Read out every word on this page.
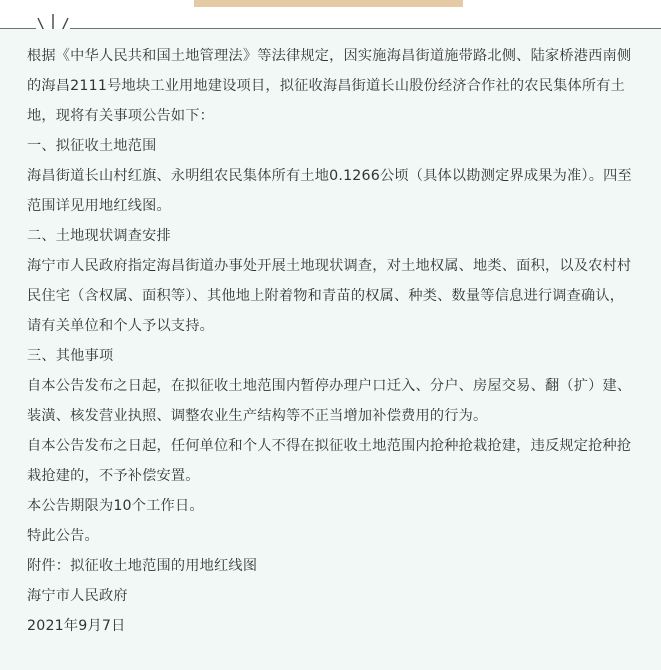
根据《中华人民共和国土地管理法》等法律规定，因实施海昌街道施带路北侧、陆家桥港西南侧的海昌2111号地块工业用地建设项目，拟征收海昌街道长山股份经济合作社的农民集体所有土地，现将有关事项公告如下：

一、拟征收土地范围

海昌街道长山村红旗、永明组农民集体所有土地0.1266公顷（具体以勘测定界成果为准）。四至范围详见用地红线图。

二、土地现状调查安排

海宁市人民政府指定海昌街道办事处开展土地现状调查，对土地权属、地类、面积，以及农村村民住宅（含权属、面积等）、其他地上附着物和青苗的权属、种类、数量等信息进行调查确认，请有关单位和个人予以支持。

三、其他事项

自本公告发布之日起，在拟征收土地范围内暂停办理户口迁入、分户、房屋交易、翻（扩）建、装潢、核发营业执照、调整农业生产结构等不正当增加补偿费用的行为。

自本公告发布之日起，任何单位和个人不得在拟征收土地范围内抢种抢栽抢建，违反规定抢种抢栽抢建的，不予补偿安置。

本公告期限为10个工作日。

特此公告。

附件：拟征收土地范围的用地红线图

海宁市人民政府

2021年9月7日
